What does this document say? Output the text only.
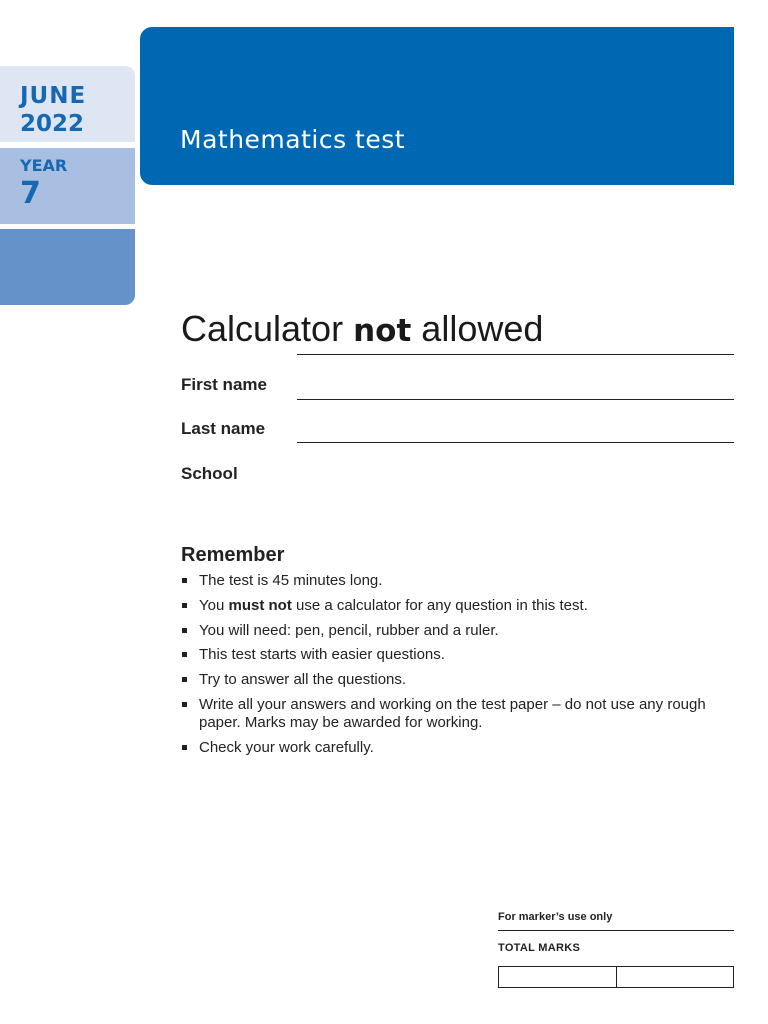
JUNE
2022
YEAR
7
Mathematics test
Calculator not allowed
First name
Last name
School
Remember
The test is 45 minutes long.
You must not use a calculator for any question in this test.
You will need: pen, pencil, rubber and a ruler.
This test starts with easier questions.
Try to answer all the questions.
Write all your answers and working on the test paper – do not use any rough paper. Marks may be awarded for working.
Check your work carefully.
For marker’s use only
TOTAL MARKS
